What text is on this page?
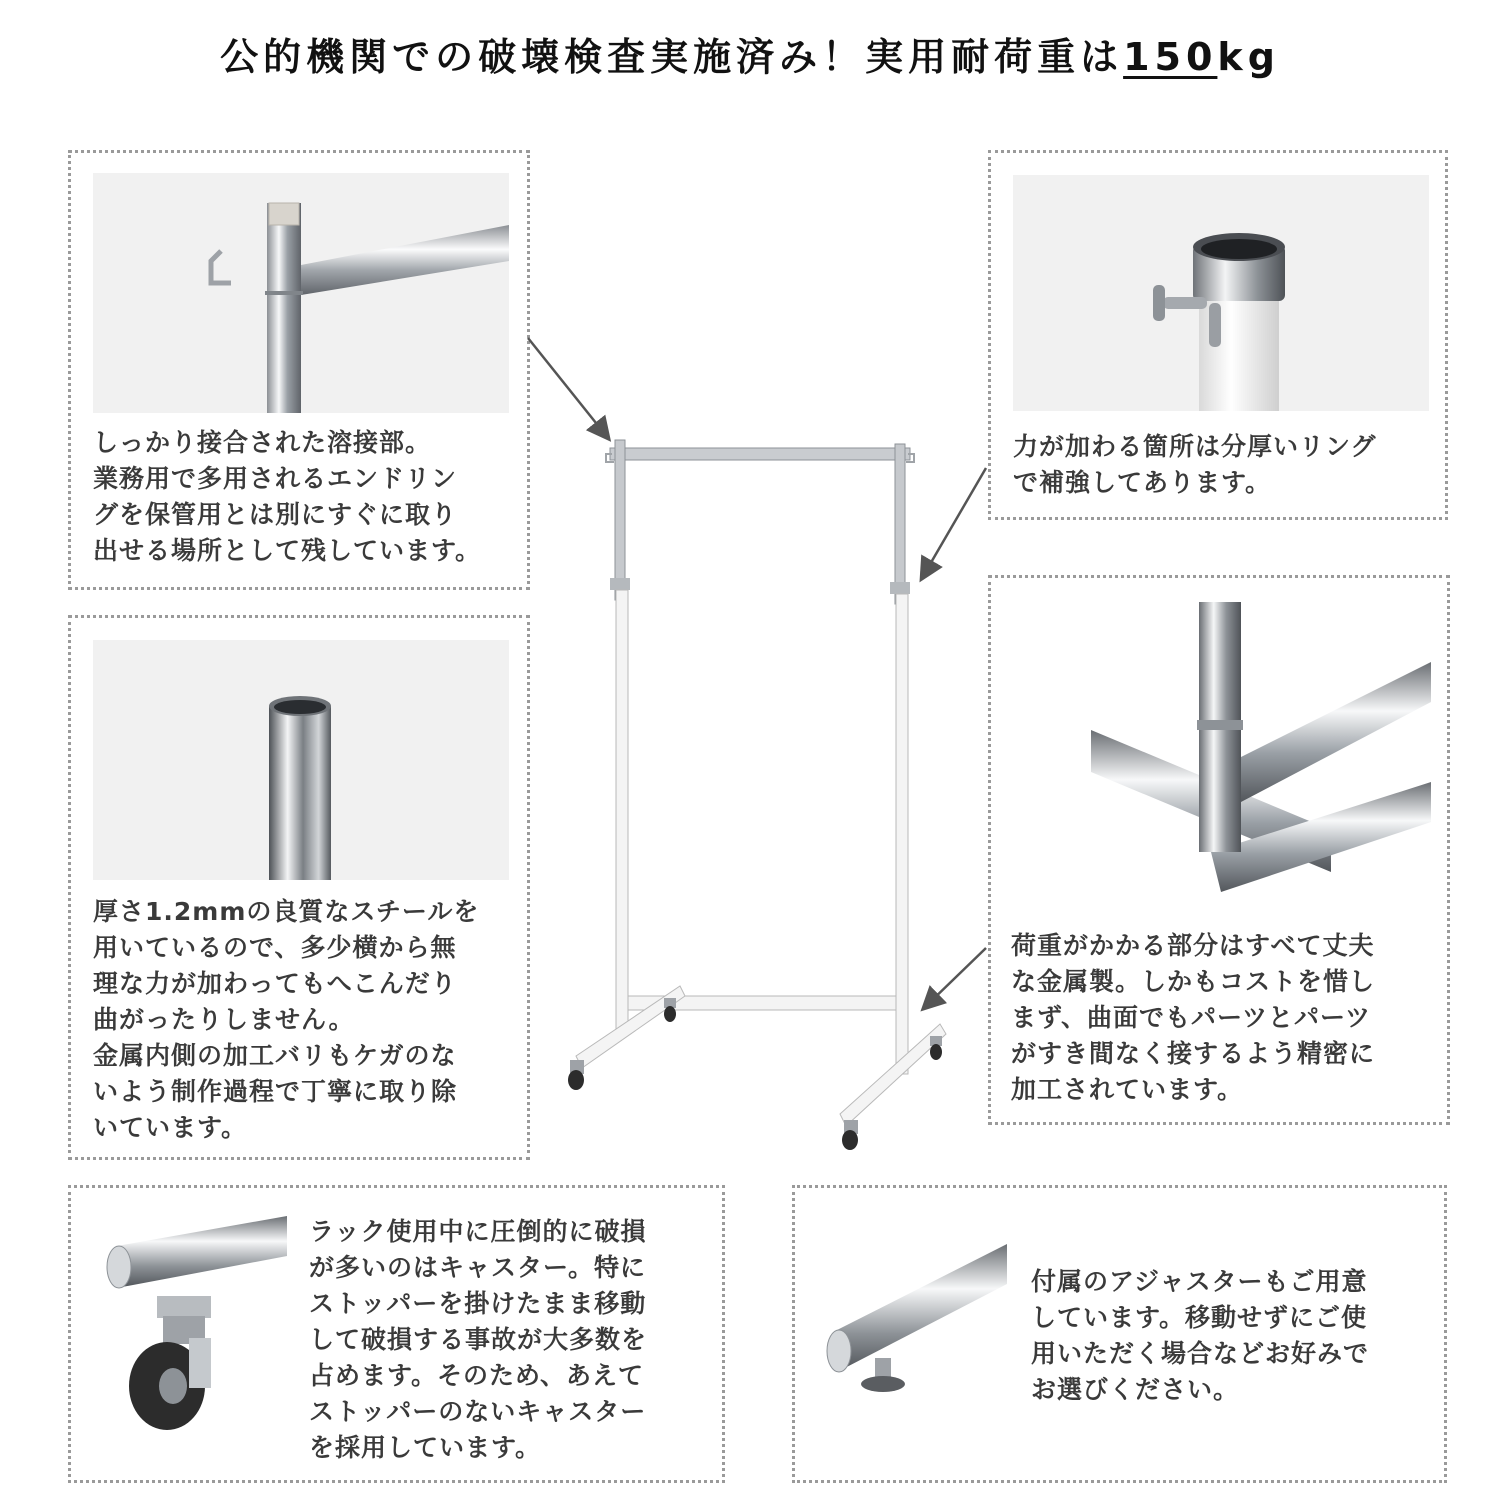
公的機関での破壊検査実施済み！実用耐荷重は150kg

しっかり接合された溶接部。
業務用で多用されるエンドリン
グを保管用とは別にすぐに取り
出せる場所として残しています。

力が加わる箇所は分厚いリング
で補強してあります。

厚さ1.2mmの良質なスチールを
用いているので、多少横から無
理な力が加わってもへこんだり
曲がったりしません。
金属内側の加工バリもケガのな
いよう制作過程で丁寧に取り除
いています。

荷重がかかる部分はすべて丈夫
な金属製。しかもコストを惜し
まず、曲面でもパーツとパーツ
がすき間なく接するよう精密に
加工されています。

ラック使用中に圧倒的に破損
が多いのはキャスター。特に
ストッパーを掛けたまま移動
して破損する事故が大多数を
占めます。そのため、あえて
ストッパーのないキャスター
を採用しています。

付属のアジャスターもご用意
しています。移動せずにご使
用いただく場合などお好みで
お選びください。
